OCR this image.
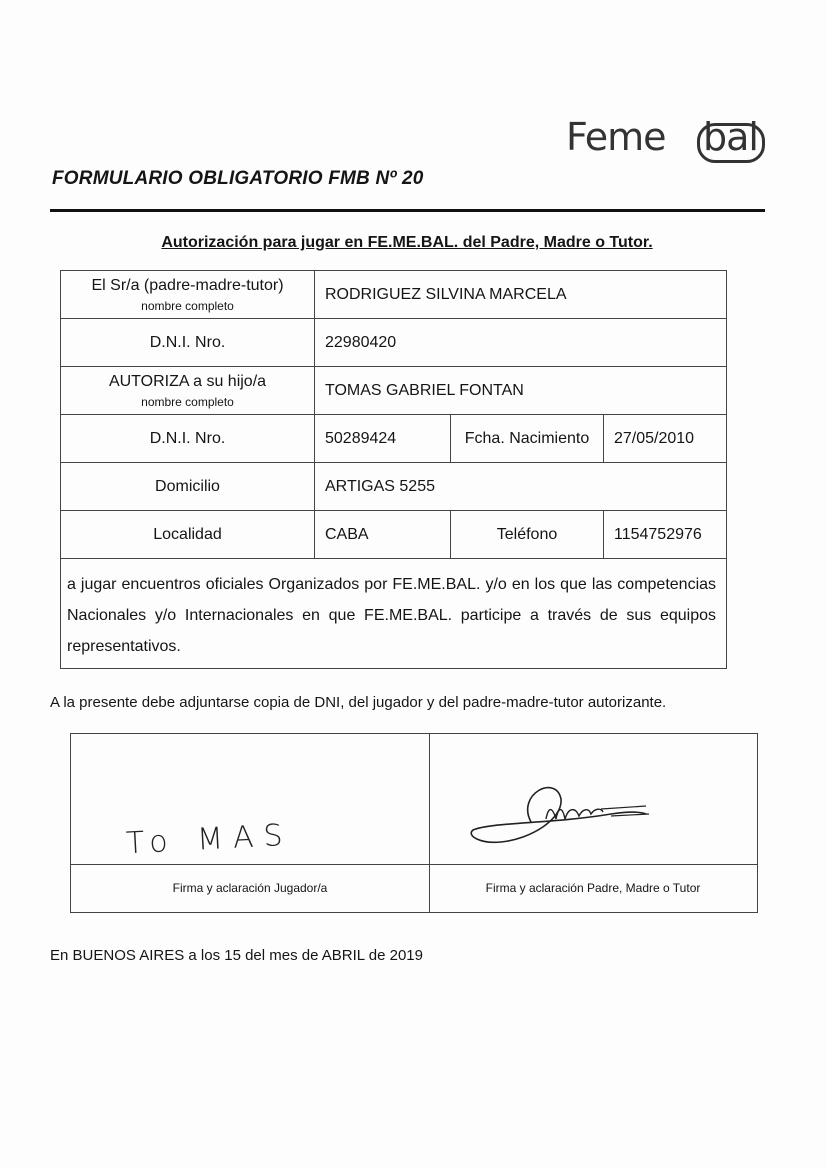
Feme bal
FORMULARIO OBLIGATORIO FMB Nº 20
Autorización para jugar en FE.ME.BAL. del Padre, Madre o Tutor.
El Sr/a (padre-madre-tutor)
nombre completo	RODRIGUEZ SILVINA MARCELA		
D.N.I. Nro.	22980420		

AUTORIZA a su hijo/a
nombre completo	TOMAS GABRIEL FONTAN		
D.N.I. Nro.	50289424	Fcha. Nacimiento	27/05/2010
Domicilio	ARTIGAS 5255		
Localidad	CABA	Teléfono	1154752976
a jugar encuentros oficiales Organizados por FE.ME.BAL. y/o en los que las competencias Nacionales y/o Internacionales en que FE.ME.BAL. participe a través de sus equipos representativos.			
A la presente debe adjuntarse copia de DNI, del jugador y del padre-madre-tutor autorizante.
To MAS
Firma y aclaración Jugador/a	Firma y aclaración Padre, Madre o Tutor
En BUENOS AIRES a los 15 del mes de ABRIL de 2019
